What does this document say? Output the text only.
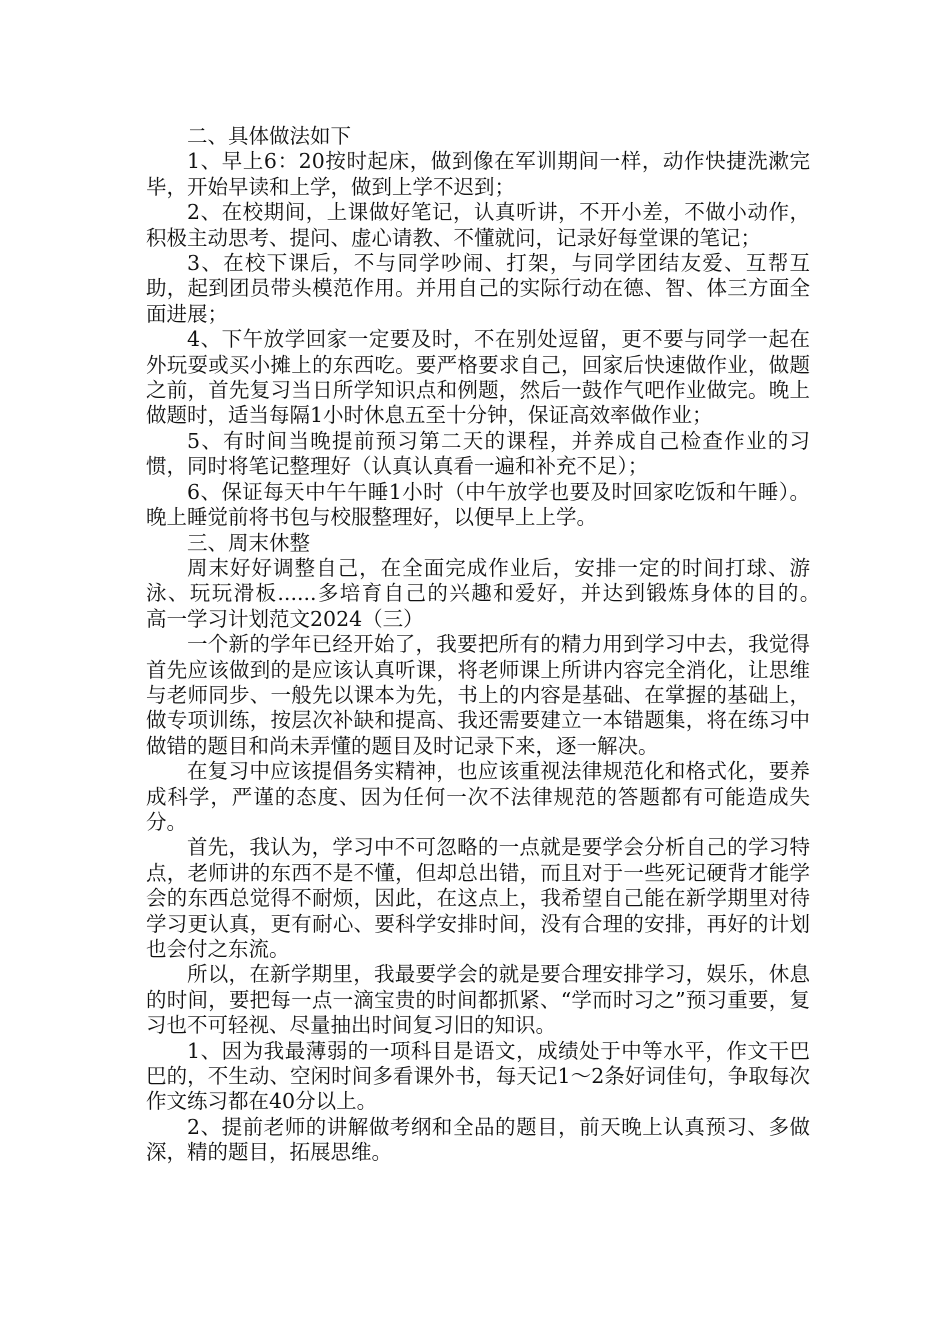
二、具体做法如下

1、早上6：20按时起床，做到像在军训期间一样，动作快捷洗漱完毕，开始早读和上学，做到上学不迟到；

2、在校期间，上课做好笔记，认真听讲，不开小差，不做小动作，积极主动思考、提问、虚心请教、不懂就问，记录好每堂课的笔记；

3、在校下课后，不与同学吵闹、打架，与同学团结友爱、互帮互助，起到团员带头模范作用。并用自己的实际行动在德、智、体三方面全面进展；

4、下午放学回家一定要及时，不在别处逗留，更不要与同学一起在外玩耍或买小摊上的东西吃。要严格要求自己，回家后快速做作业，做题之前，首先复习当日所学知识点和例题，然后一鼓作气吧作业做完。晚上做题时，适当每隔1小时休息五至十分钟，保证高效率做作业；

5、有时间当晚提前预习第二天的课程，并养成自己检查作业的习惯，同时将笔记整理好（认真认真看一遍和补充不足）；

6、保证每天中午午睡1小时（中午放学也要及时回家吃饭和午睡）。晚上睡觉前将书包与校服整理好，以便早上上学。

三、周末休整

周末好好调整自己，在全面完成作业后，安排一定的时间打球、游泳、玩玩滑板......多培育自己的兴趣和爱好，并达到锻炼身体的目的。　　高一学习计划范文2024（三）

一个新的学年已经开始了，我要把所有的精力用到学习中去，我觉得首先应该做到的是应该认真听课，将老师课上所讲内容完全消化，让思维与老师同步、一般先以课本为先，书上的内容是基础、在掌握的基础上，做专项训练，按层次补缺和提高、我还需要建立一本错题集，将在练习中做错的题目和尚未弄懂的题目及时记录下来，逐一解决。

在复习中应该提倡务实精神，也应该重视法律规范化和格式化，要养成科学，严谨的态度、因为任何一次不法律规范的答题都有可能造成失分。

首先，我认为，学习中不可忽略的一点就是要学会分析自己的学习特点，老师讲的东西不是不懂，但却总出错，而且对于一些死记硬背才能学会的东西总觉得不耐烦，因此，在这点上，我希望自己能在新学期里对待学习更认真，更有耐心、要科学安排时间，没有合理的安排，再好的计划也会付之东流。

所以，在新学期里，我最要学会的就是要合理安排学习，娱乐，休息的时间，要把每一点一滴宝贵的时间都抓紧、“学而时习之”预习重要，复习也不可轻视、尽量抽出时间复习旧的知识。

1、因为我最薄弱的一项科目是语文，成绩处于中等水平，作文干巴巴的，不生动、空闲时间多看课外书，每天记1～2条好词佳句，争取每次作文练习都在40分以上。

2、提前老师的讲解做考纲和全品的题目，前天晚上认真预习、多做深，精的题目，拓展思维。
